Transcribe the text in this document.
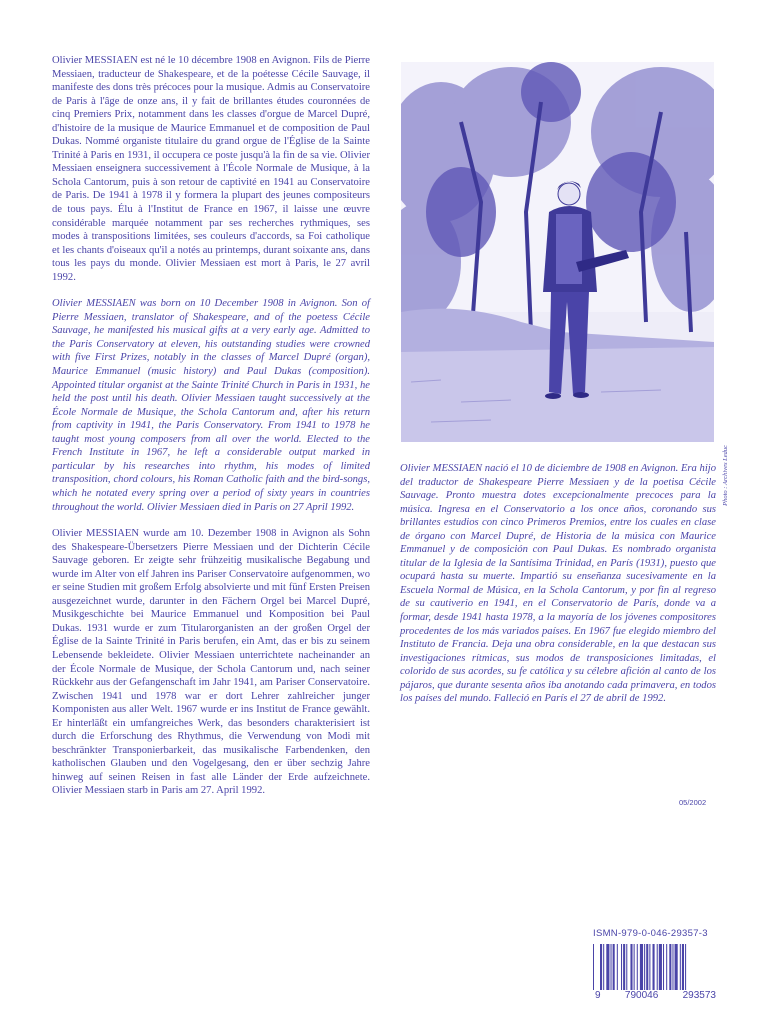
Olivier MESSIAEN est né le 10 décembre 1908 en Avignon. Fils de Pierre Messiaen, traducteur de Shakespeare, et de la poétesse Cécile Sauvage, il manifeste des dons très précoces pour la musique. Admis au Conservatoire de Paris à l'âge de onze ans, il y fait de brillantes études couronnées de cinq Premiers Prix, notamment dans les classes d'orgue de Marcel Dupré, d'histoire de la musique de Maurice Emmanuel et de composition de Paul Dukas. Nommé organiste titulaire du grand orgue de l'Église de la Sainte Trinité à Paris en 1931, il occupera ce poste jusqu'à la fin de sa vie. Olivier Messiaen enseignera successivement à l'École Normale de Musique, à la Schola Cantorum, puis à son retour de captivité en 1941 au Conservatoire de Paris. De 1941 à 1978 il y formera la plupart des jeunes compositeurs de tous pays. Élu à l'Institut de France en 1967, il laisse une œuvre considérable marquée notamment par ses recherches rythmiques, ses modes à transpositions limitées, ses couleurs d'accords, sa Foi catholique et les chants d'oiseaux qu'il a notés au printemps, durant soixante ans, dans tous les pays du monde. Olivier Messiaen est mort à Paris, le 27 avril 1992.

Olivier MESSIAEN was born on 10 December 1908 in Avignon. Son of Pierre Messiaen, translator of Shakespeare, and of the poetess Cécile Sauvage, he manifested his musical gifts at a very early age. Admitted to the Paris Conservatory at eleven, his outstanding studies were crowned with five First Prizes, notably in the classes of Marcel Dupré (organ), Maurice Emmanuel (music history) and Paul Dukas (composition). Appointed titular organist at the Sainte Trinité Church in Paris in 1931, he held the post until his death. Olivier Messiaen taught successively at the École Normale de Musique, the Schola Cantorum and, after his return from captivity in 1941, the Paris Conservatory. From 1941 to 1978 he taught most young composers from all over the world. Elected to the French Institute in 1967, he left a considerable output marked in particular by his researches into rhythm, his modes of limited transposition, chord colours, his Roman Catholic faith and the bird-songs, which he notated every spring over a period of sixty years in countries throughout the world. Olivier Messiaen died in Paris on 27 April 1992.

Olivier MESSIAEN wurde am 10. Dezember 1908 in Avignon als Sohn des Shakespeare-Übersetzers Pierre Messiaen und der Dichterin Cécile Sauvage geboren. Er zeigte sehr frühzeitig musikalische Begabung und wurde im Alter von elf Jahren ins Pariser Conservatoire aufgenommen, wo er seine Studien mit großem Erfolg absolvierte und mit fünf Ersten Preisen ausgezeichnet wurde, darunter in den Fächern Orgel bei Marcel Dupré, Musikgeschichte bei Maurice Emmanuel und Komposition bei Paul Dukas. 1931 wurde er zum Titularorganisten an der großen Orgel der Église de la Sainte Trinité in Paris berufen, ein Amt, das er bis zu seinem Lebensende bekleidete. Olivier Messiaen unterrichtete nacheinander an der École Normale de Musique, der Schola Cantorum und, nach seiner Rückkehr aus der Gefangenschaft im Jahr 1941, am Pariser Conservatoire. Zwischen 1941 und 1978 war er dort Lehrer zahlreicher junger Komponisten aus aller Welt. 1967 wurde er ins Institut de France gewählt. Er hinterläßt ein umfangreiches Werk, das besonders charakterisiert ist durch die Erforschung des Rhythmus, die Verwendung von Modi mit beschränkter Transponierbarkeit, das musikalische Farbendenken, den katholischen Glauben und den Vogelgesang, den er über sechzig Jahre hinweg auf seinen Reisen in fast alle Länder der Erde aufzeichnete. Olivier Messiaen starb in Paris am 27. April 1992.

Photo : Archives Leduc

Olivier MESSIAEN nació el 10 de diciembre de 1908 en Avignon. Era hijo del traductor de Shakespeare Pierre Messiaen y de la poetisa Cécile Sauvage. Pronto muestra dotes excepcionalmente precoces para la música. Ingresa en el Conservatorio a los once años, coronando sus brillantes estudios con cinco Primeros Premios, entre los cuales en clase de órgano con Marcel Dupré, de Historia de la música con Maurice Emmanuel y de composición con Paul Dukas. Es nombrado organista titular de la Iglesia de la Santísima Trinidad, en París (1931), puesto que ocupará hasta su muerte. Impartió su enseñanza sucesivamente en la Escuela Normal de Música, en la Schola Cantorum, y por fin al regreso de su cautiverio en 1941, en el Conservatorio de París, donde va a formar, desde 1941 hasta 1978, a la mayoría de los jóvenes compositores procedentes de los más variados países. En 1967 fue elegido miembro del Instituto de Francia. Deja una obra considerable, en la que destacan sus investigaciones rítmicas, sus modos de transposiciones limitadas, el colorido de sus acordes, su fe católica y su célebre afición al canto de los pájaros, que durante sesenta años iba anotando cada primavera, en todos los países del mundo. Falleció en París el 27 de abril de 1992.

05/2002
ISMN-979-0-046-29357-3
9 790046 293573
